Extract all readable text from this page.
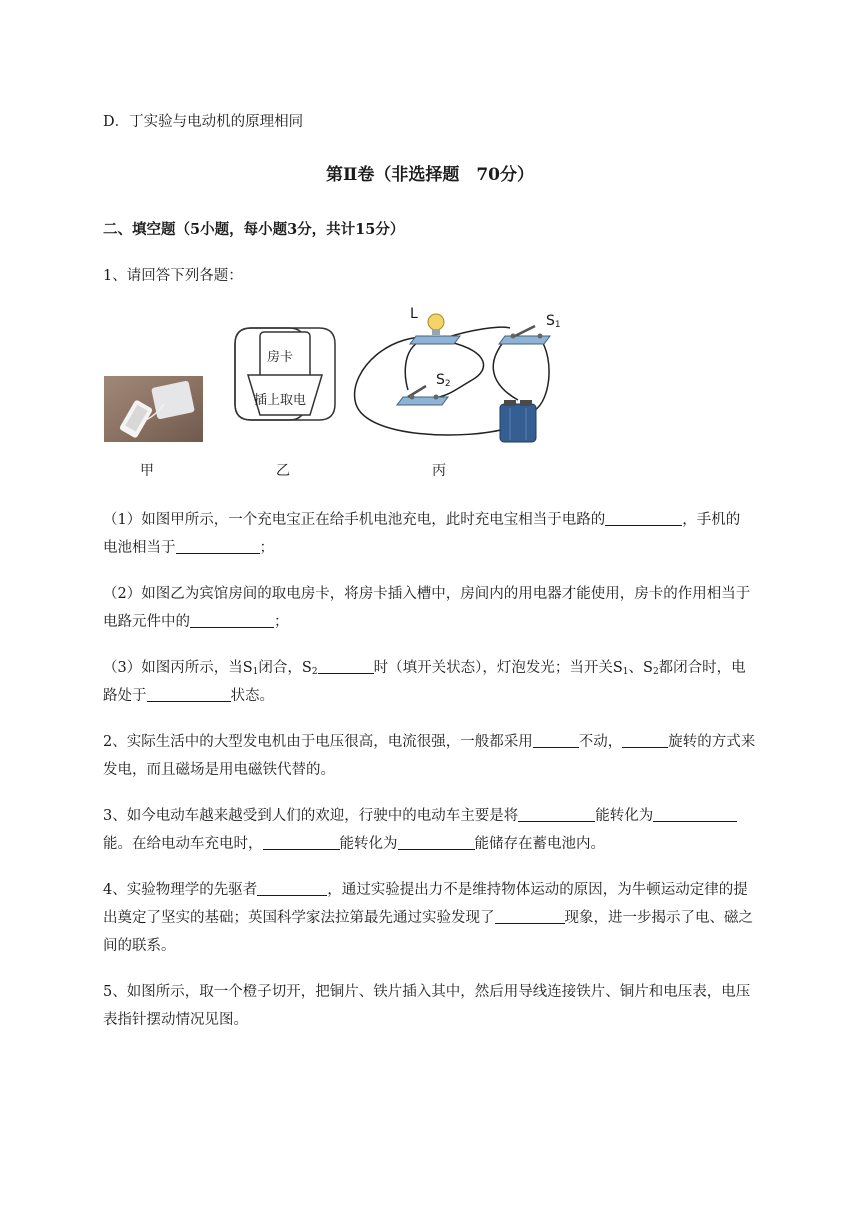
D．丁实验与电动机的原理相同
第Ⅱ卷（非选择题　70分）
二、填空题（5小题，每小题3分，共计15分）
1、请回答下列各题：
甲
房卡
插上取电
乙
L	$S_1$
$S_2$
丙
（1）如图甲所示，一个充电宝正在给手机电池充电，此时充电宝相当于电路的	，手机的
电池相当于	；
（2）如图乙为宾馆房间的取电房卡，将房卡插入槽中，房间内的用电器才能使用，房卡的作用相当于
电路元件中的	；
（3）如图丙所示，当$S_1$闭合，$S_2$	时（填开关状态），灯泡发光；当开关$S_1$、$S_2$都闭合时，电
路处于	状态。
2、实际生活中的大型发电机由于电压很高，电流很强，一般都采用	不动，	旋转的方式来
发电，而且磁场是用电磁铁代替的。
3、如今电动车越来越受到人们的欢迎，行驶中的电动车主要是将	能转化为
能。在给电动车充电时，	能转化为	能储存在蓄电池内。
4、实验物理学的先驱者	，通过实验提出力不是维持物体运动的原因，为牛顿运动定律的提
出奠定了坚实的基础；英国科学家法拉第最先通过实验发现了	现象，进一步揭示了电、磁之
间的联系。
5、如图所示，取一个橙子切开，把铜片、铁片插入其中，然后用导线连接铁片、铜片和电压表，电压
表指针摆动情况见图。
